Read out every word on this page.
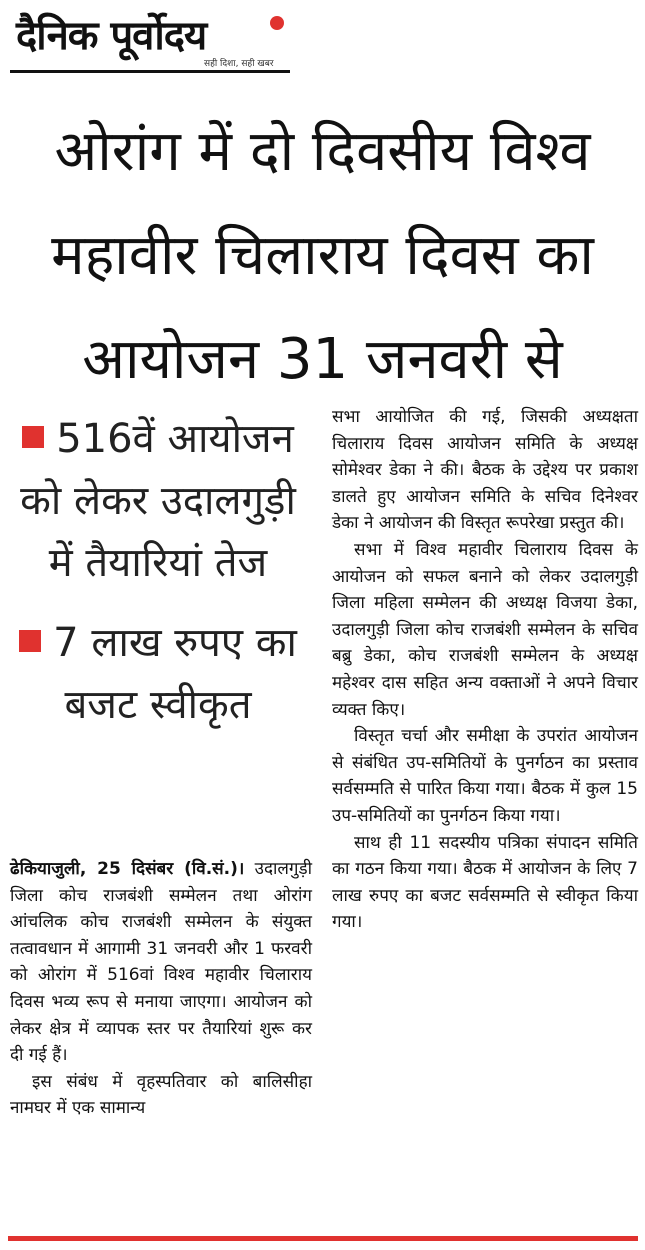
दैनिक पूर्वोदय
सही दिशा, सही खबर
ओरांग में दो दिवसीय विश्व
महावीर चिलाराय दिवस का
आयोजन 31 जनवरी से

516वें आयोजन को लेकर उदालगुड़ी में तैयारियां तेज

7 लाख रुपए का बजट स्वीकृत

ढेकियाजुली, 25 दिसंबर (वि.सं.)। उदालगुड़ी जिला कोच राजबंशी सम्मेलन तथा ओरांग आंचलिक कोच राजबंशी सम्मेलन के संयुक्त तत्वावधान में आगामी 31 जनवरी और 1 फरवरी को ओरांग में 516वां विश्व महावीर चिलाराय दिवस भव्य रूप से मनाया जाएगा। आयोजन को लेकर क्षेत्र में व्यापक स्तर पर तैयारियां शुरू कर दी गई हैं।

इस संबंध में वृहस्पतिवार को बालिसीहा नामघर में एक सामान्य

सभा आयोजित की गई, जिसकी अध्यक्षता चिलाराय दिवस आयोजन समिति के अध्यक्ष सोमेश्वर डेका ने की। बैठक के उद्देश्य पर प्रकाश डालते हुए आयोजन समिति के सचिव दिनेश्वर डेका ने आयोजन की विस्तृत रूपरेखा प्रस्तुत की।

सभा में विश्व महावीर चिलाराय दिवस के आयोजन को सफल बनाने को लेकर उदालगुड़ी जिला महिला सम्मेलन की अध्यक्ष विजया डेका, उदालगुड़ी जिला कोच राजबंशी सम्मेलन के सचिव बब्रु डेका, कोच राजबंशी सम्मेलन के अध्यक्ष महेश्वर दास सहित अन्य वक्ताओं ने अपने विचार व्यक्त किए।

विस्तृत चर्चा और समीक्षा के उपरांत आयोजन से संबंधित उप-समितियों के पुनर्गठन का प्रस्ताव सर्वसम्मति से पारित किया गया। बैठक में कुल 15 उप-समितियों का पुनर्गठन किया गया।

साथ ही 11 सदस्यीय पत्रिका संपादन समिति का गठन किया गया। बैठक में आयोजन के लिए 7 लाख रुपए का बजट सर्वसम्मति से स्वीकृत किया गया।
